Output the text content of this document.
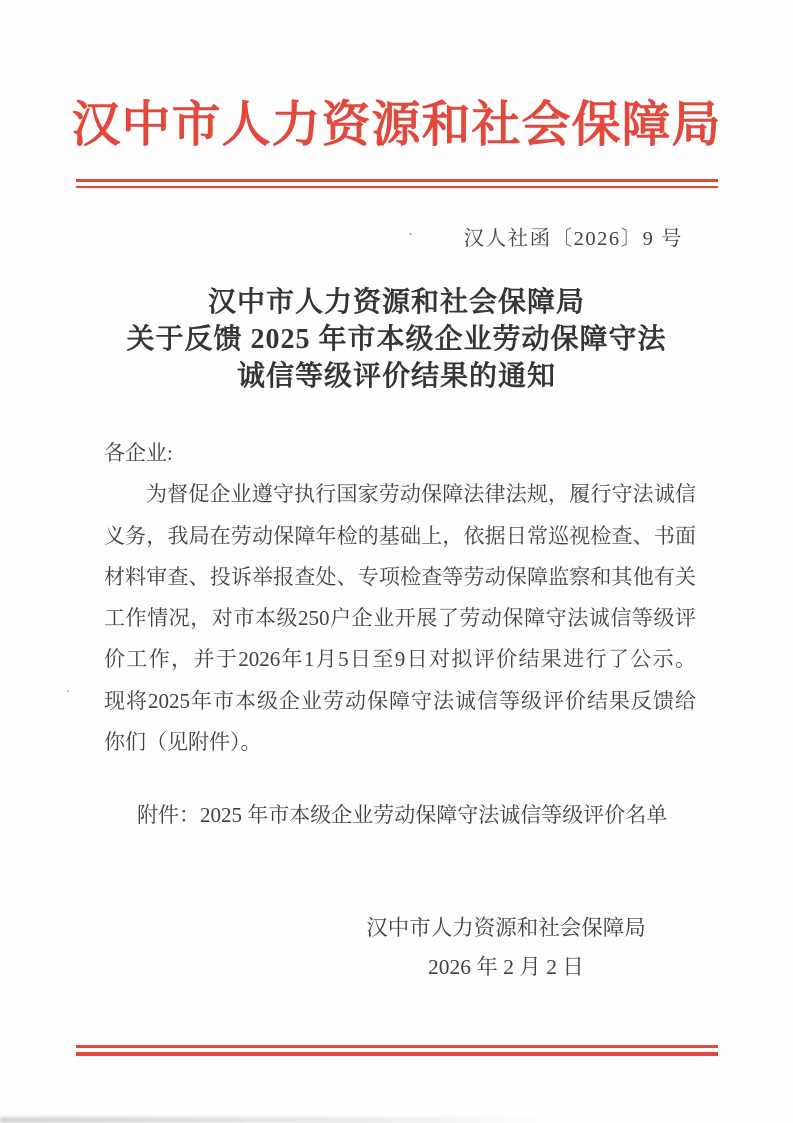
汉中市人力资源和社会保障局
汉人社函〔2026〕9 号
汉中市人力资源和社会保障局
关于反馈 2025 年市本级企业劳动保障守法
诚信等级评价结果的通知
各企业:
为督促企业遵守执行国家劳动保障法律法规，履行守法诚信
义务，我局在劳动保障年检的基础上，依据日常巡视检查、书面
材料审查、投诉举报查处、专项检查等劳动保障监察和其他有关
工作情况，对市本级250户企业开展了劳动保障守法诚信等级评
价工作，并于2026年1月5日至9日对拟评价结果进行了公示。
现将2025年市本级企业劳动保障守法诚信等级评价结果反馈给
你们（见附件）。
附件：2025 年市本级企业劳动保障守法诚信等级评价名单
汉中市人力资源和社会保障局
2026 年 2 月 2 日
